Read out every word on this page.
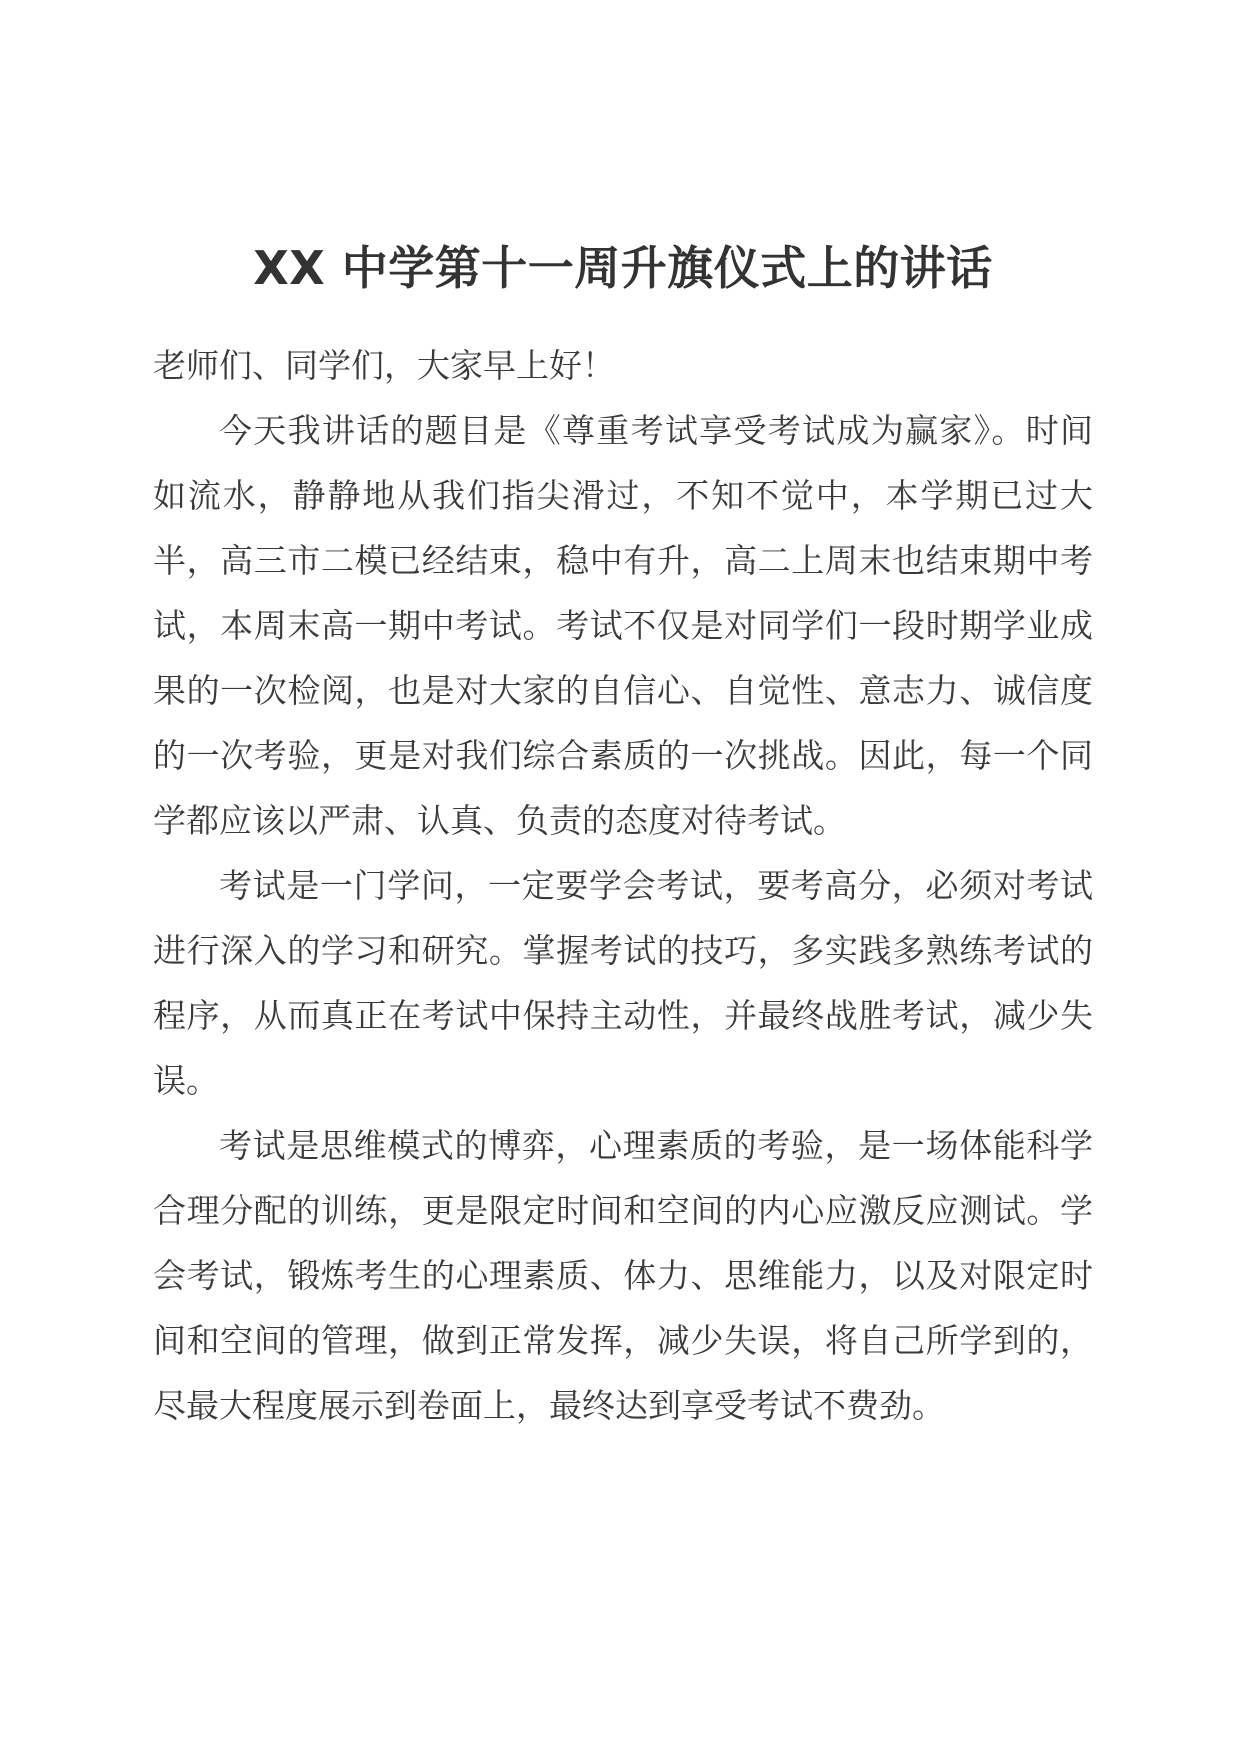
XX 中学第十一周升旗仪式上的讲话

老师们、同学们，大家早上好！

今天我讲话的题目是《尊重考试享受考试成为赢家》。时间如流水，静静地从我们指尖滑过，不知不觉中，本学期已过大半，高三市二模已经结束，稳中有升，高二上周末也结束期中考试，本周末高一期中考试。考试不仅是对同学们一段时期学业成果的一次检阅，也是对大家的自信心、自觉性、意志力、诚信度的一次考验，更是对我们综合素质的一次挑战。因此，每一个同学都应该以严肃、认真、负责的态度对待考试。

考试是一门学问，一定要学会考试，要考高分，必须对考试进行深入的学习和研究。掌握考试的技巧，多实践多熟练考试的程序，从而真正在考试中保持主动性，并最终战胜考试，减少失误。

考试是思维模式的博弈，心理素质的考验，是一场体能科学合理分配的训练，更是限定时间和空间的内心应激反应测试。学会考试，锻炼考生的心理素质、体力、思维能力，以及对限定时间和空间的管理，做到正常发挥，减少失误，将自己所学到的，尽最大程度展示到卷面上，最终达到享受考试不费劲。
